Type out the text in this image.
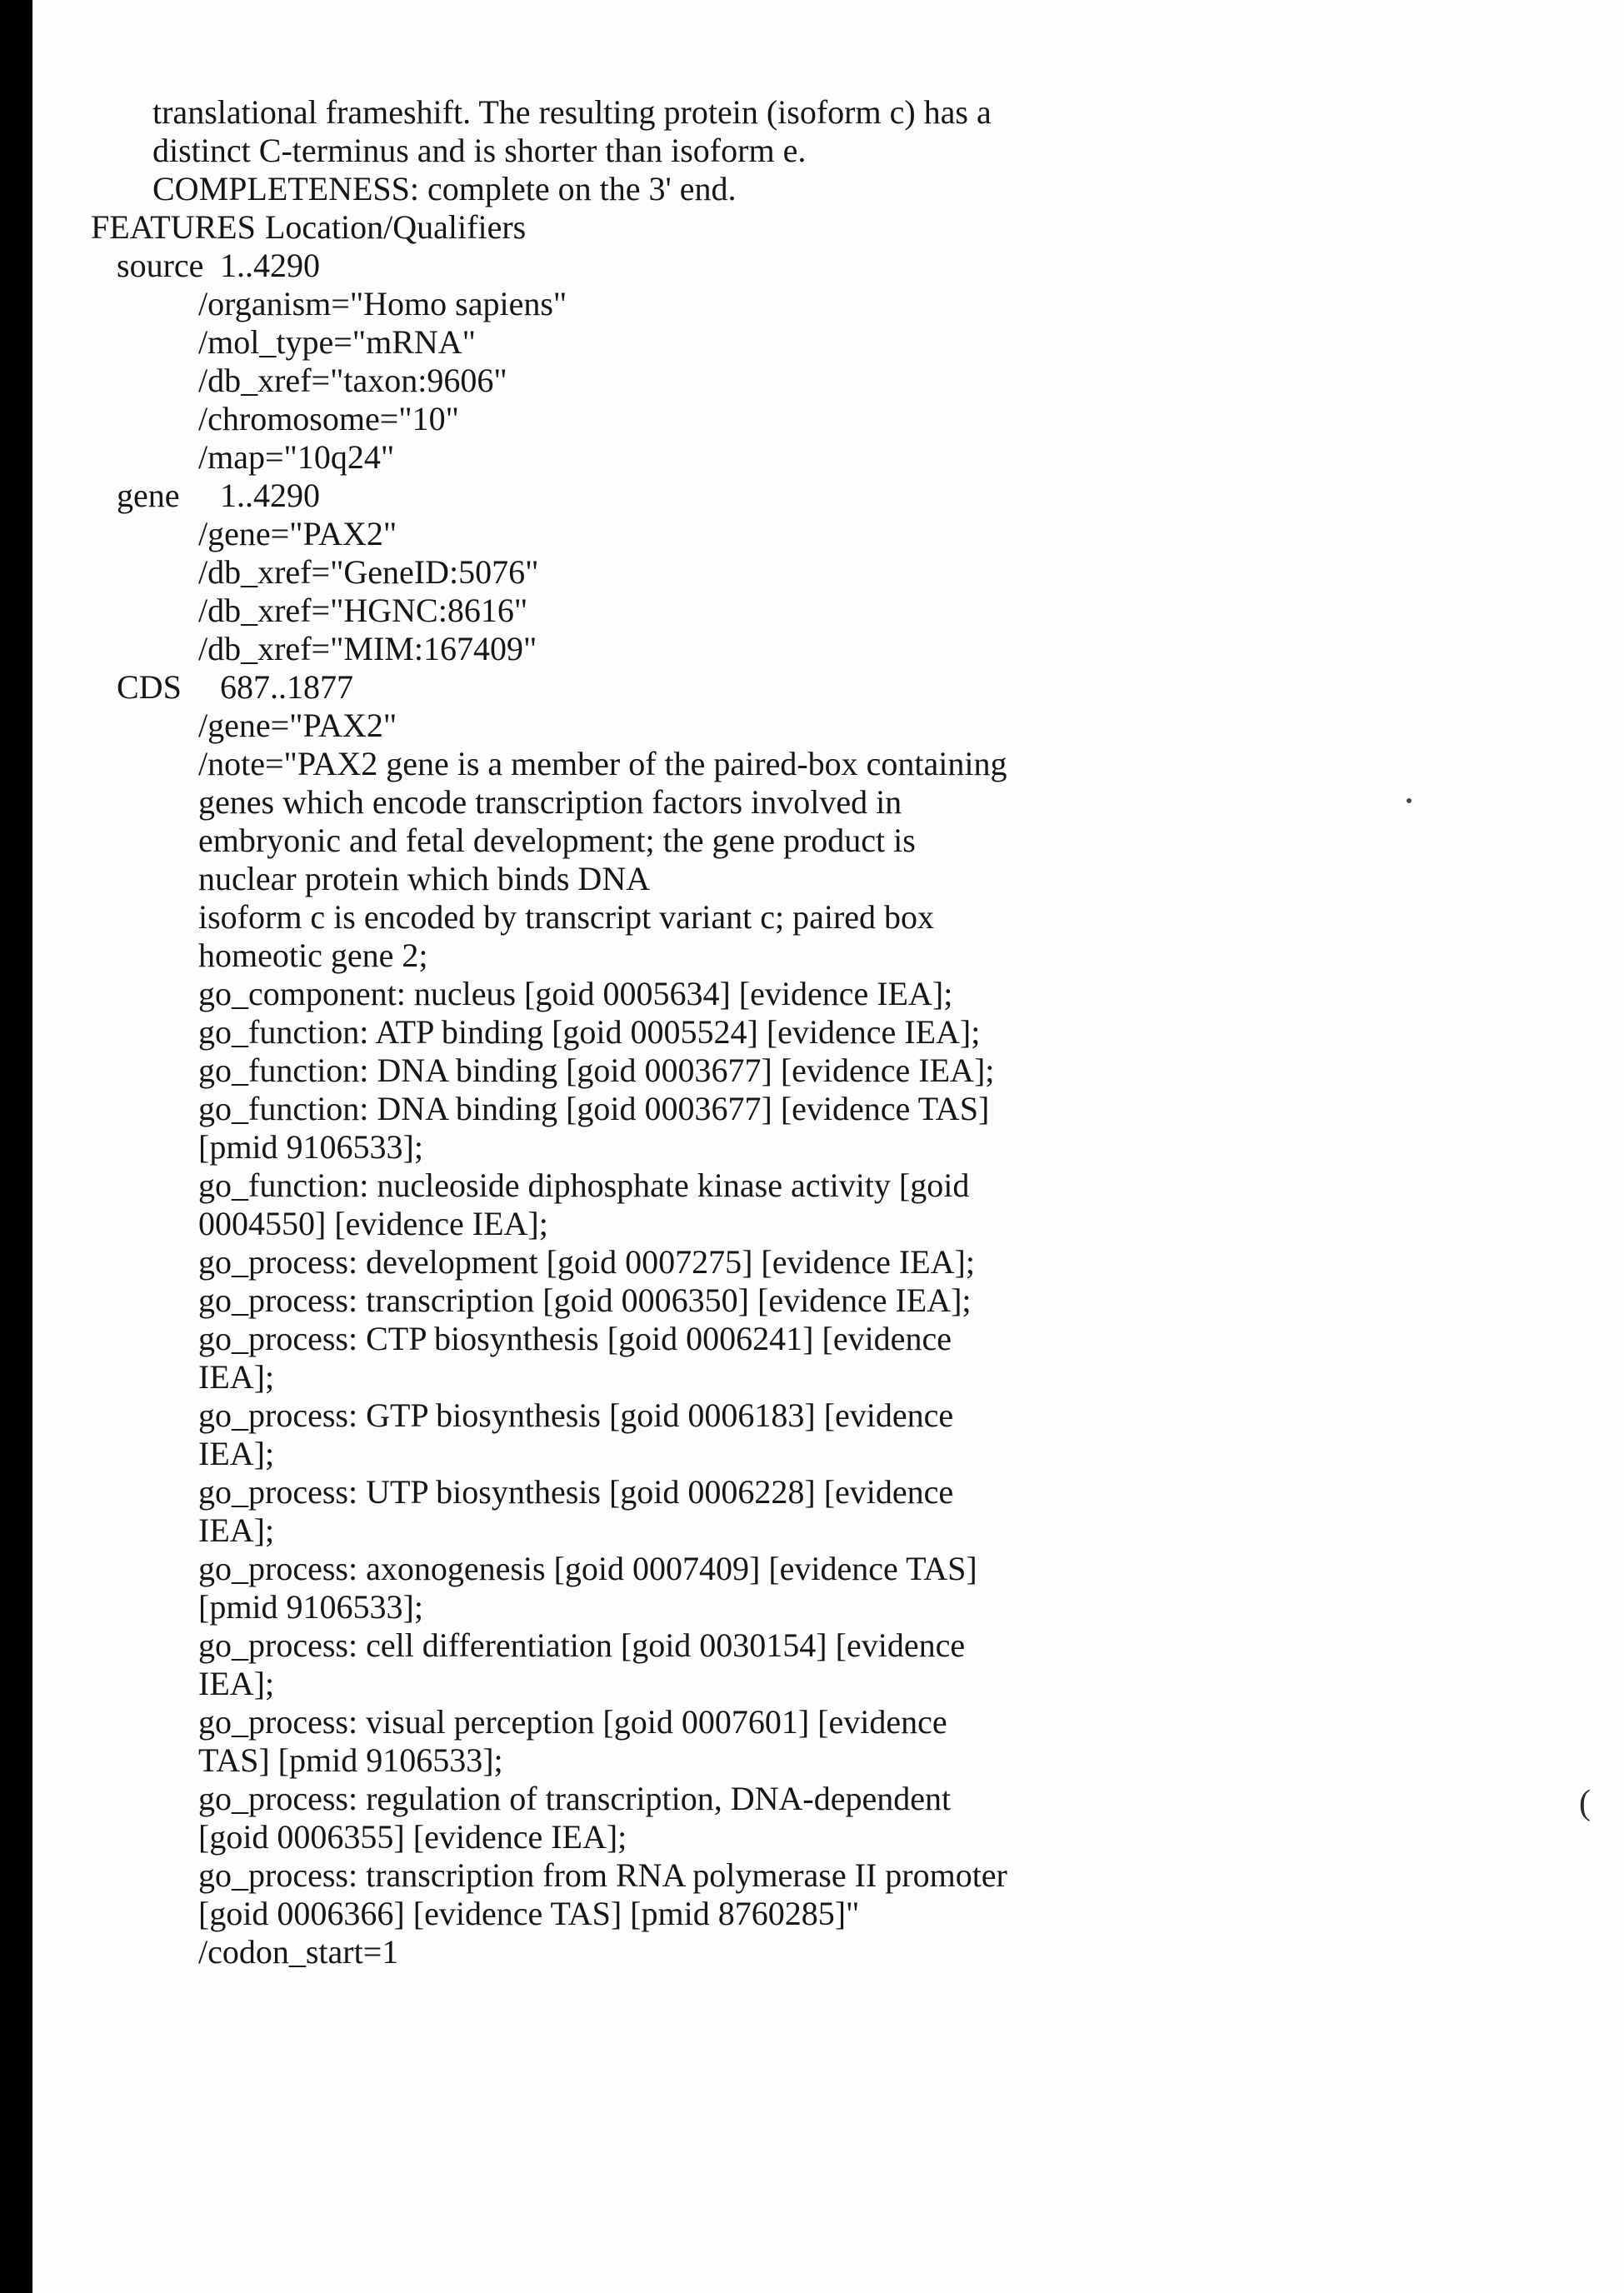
translational frameshift. The resulting protein (isoform c) has a
distinct C-terminus and is shorter than isoform e.
COMPLETENESS: complete on the 3' end.
FEATURES Location/Qualifiers
source 1..4290
/organism="Homo sapiens"
/mol_type="mRNA"
/db_xref="taxon:9606"
/chromosome="10"
/map="10q24"
gene 1..4290
/gene="PAX2"
/db_xref="GeneID:5076"
/db_xref="HGNC:8616"
/db_xref="MIM:167409"
CDS 687..1877
/gene="PAX2"
/note="PAX2 gene is a member of the paired-box containing
genes which encode transcription factors involved in
embryonic and fetal development; the gene product is
nuclear protein which binds DNA
isoform c is encoded by transcript variant c; paired box
homeotic gene 2;
go_component: nucleus [goid 0005634] [evidence IEA];
go_function: ATP binding [goid 0005524] [evidence IEA];
go_function: DNA binding [goid 0003677] [evidence IEA];
go_function: DNA binding [goid 0003677] [evidence TAS]
[pmid 9106533];
go_function: nucleoside diphosphate kinase activity [goid
0004550] [evidence IEA];
go_process: development [goid 0007275] [evidence IEA];
go_process: transcription [goid 0006350] [evidence IEA];
go_process: CTP biosynthesis [goid 0006241] [evidence
IEA];
go_process: GTP biosynthesis [goid 0006183] [evidence
IEA];
go_process: UTP biosynthesis [goid 0006228] [evidence
IEA];
go_process: axonogenesis [goid 0007409] [evidence TAS]
[pmid 9106533];
go_process: cell differentiation [goid 0030154] [evidence
IEA];
go_process: visual perception [goid 0007601] [evidence
TAS] [pmid 9106533];
go_process: regulation of transcription, DNA-dependent
[goid 0006355] [evidence IEA];
go_process: transcription from RNA polymerase II promoter
[goid 0006366] [evidence TAS] [pmid 8760285]"
/codon_start=1
(
